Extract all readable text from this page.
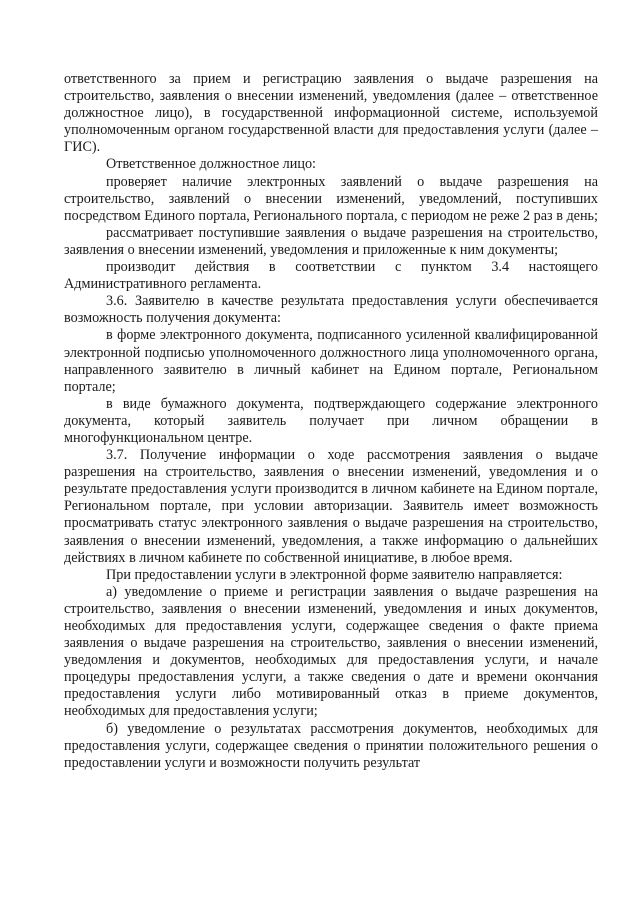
ответственного за прием и регистрацию заявления о выдаче разрешения на строительство, заявления о внесении изменений, уведомления (далее – ответственное должностное лицо), в государственной информационной системе, используемой уполномоченным органом государственной власти для предоставления услуги (далее – ГИС).

Ответственное должностное лицо:

проверяет наличие электронных заявлений о выдаче разрешения на строительство, заявлений о внесении изменений, уведомлений, поступивших посредством Единого портала, Регионального портала, с периодом не реже 2 раз в день;

рассматривает поступившие заявления о выдаче разрешения на строительство, заявления о внесении изменений, уведомления и приложенные к ним документы;

производит действия в соответствии с пунктом 3.4 настоящего Административного регламента.

3.6. Заявителю в качестве результата предоставления услуги обеспечивается возможность получения документа:

в форме электронного документа, подписанного усиленной квалифицированной электронной подписью уполномоченного должностного лица уполномоченного органа, направленного заявителю в личный кабинет на Едином портале, Региональном портале;

в виде бумажного документа, подтверждающего содержание электронного документа, который заявитель получает при личном обращении в многофункциональном центре.

3.7. Получение информации о ходе рассмотрения заявления о выдаче разрешения на строительство, заявления о внесении изменений, уведомления и о результате предоставления услуги производится в личном кабинете на Едином портале, Региональном портале, при условии авторизации. Заявитель имеет возможность просматривать статус электронного заявления о выдаче разрешения на строительство, заявления о внесении изменений, уведомления, а также информацию о дальнейших действиях в личном кабинете по собственной инициативе, в любое время.

При предоставлении услуги в электронной форме заявителю направляется:

а) уведомление о приеме и регистрации заявления о выдаче разрешения на строительство, заявления о внесении изменений, уведомления и иных документов, необходимых для предоставления услуги, содержащее сведения о факте приема заявления о выдаче разрешения на строительство, заявления о внесении изменений, уведомления и документов, необходимых для предоставления услуги, и начале процедуры предоставления услуги, а также сведения о дате и времени окончания предоставления услуги либо мотивированный отказ в приеме документов, необходимых для предоставления услуги;

б) уведомление о результатах рассмотрения документов, необходимых для предоставления услуги, содержащее сведения о принятии положительного решения о предоставлении услуги и возможности получить результат
